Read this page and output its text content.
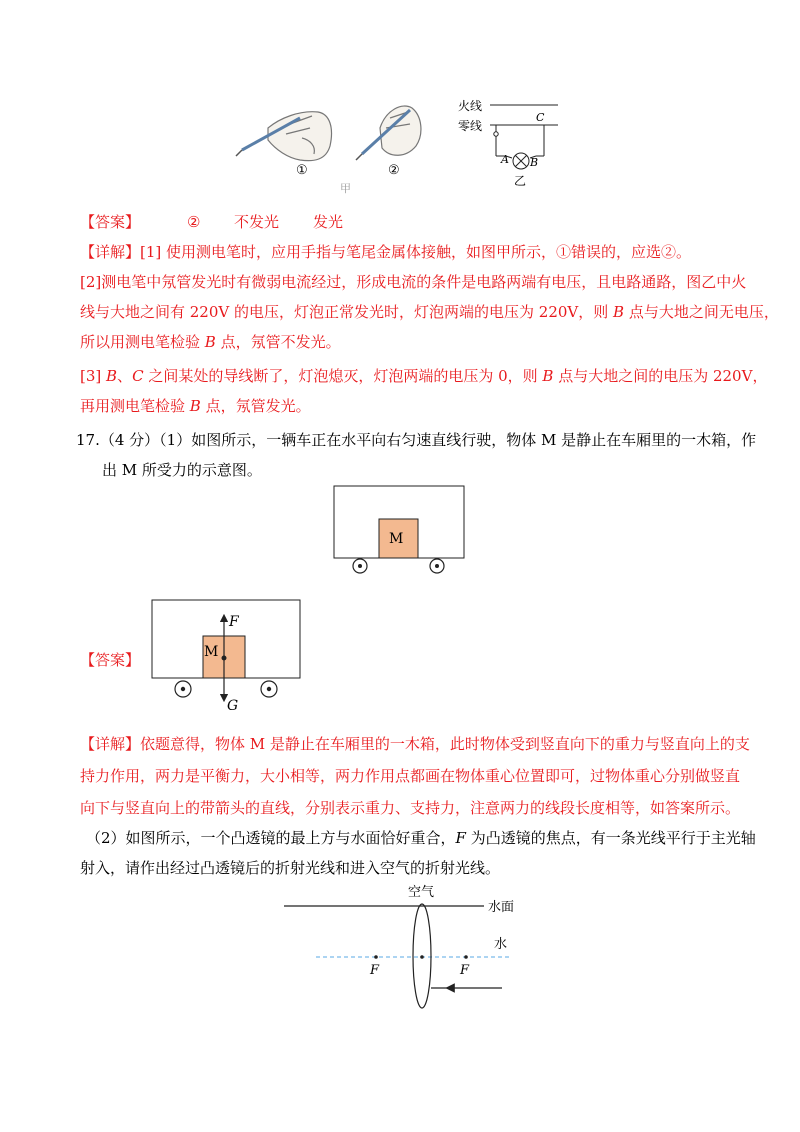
①	②
甲
火线
零线
C
A B
乙
【答案】	② 不发光 发光
【详解】[1] 使用测电笔时，应用手指与笔尾金属体接触，如图甲所示，①错误的，应选②。
[2]测电笔中氖管发光时有微弱电流经过，形成电流的条件是电路两端有电压，且电路通路，图乙中火
线与大地之间有 220V 的电压，灯泡正常发光时，灯泡两端的电压为 220V，则 B 点与大地之间无电压，
所以用测电笔检验 B 点，氖管不发光。
[3] B、C 之间某处的导线断了，灯泡熄灭，灯泡两端的电压为 0，则 B 点与大地之间的电压为 220V，
再用测电笔检验 B 点，氖管发光。
17.（4 分）（1）如图所示，一辆车正在水平向右匀速直线行驶，物体 M 是静止在车厢里的一木箱，作
出 M 所受力的示意图。
M
【答案】	M
F
G
【详解】依题意得，物体 M 是静止在车厢里的一木箱，此时物体受到竖直向下的重力与竖直向上的支
持力作用，两力是平衡力，大小相等，两力作用点都画在物体重心位置即可，过物体重心分别做竖直
向下与竖直向上的带箭头的直线，分别表示重力、支持力，注意两力的线段长度相等，如答案所示。
（2）如图所示，一个凸透镜的最上方与水面恰好重合，F 为凸透镜的焦点，有一条光线平行于主光轴
射入，请作出经过凸透镜后的折射光线和进入空气的折射光线。
空气
水面
水
F	F
